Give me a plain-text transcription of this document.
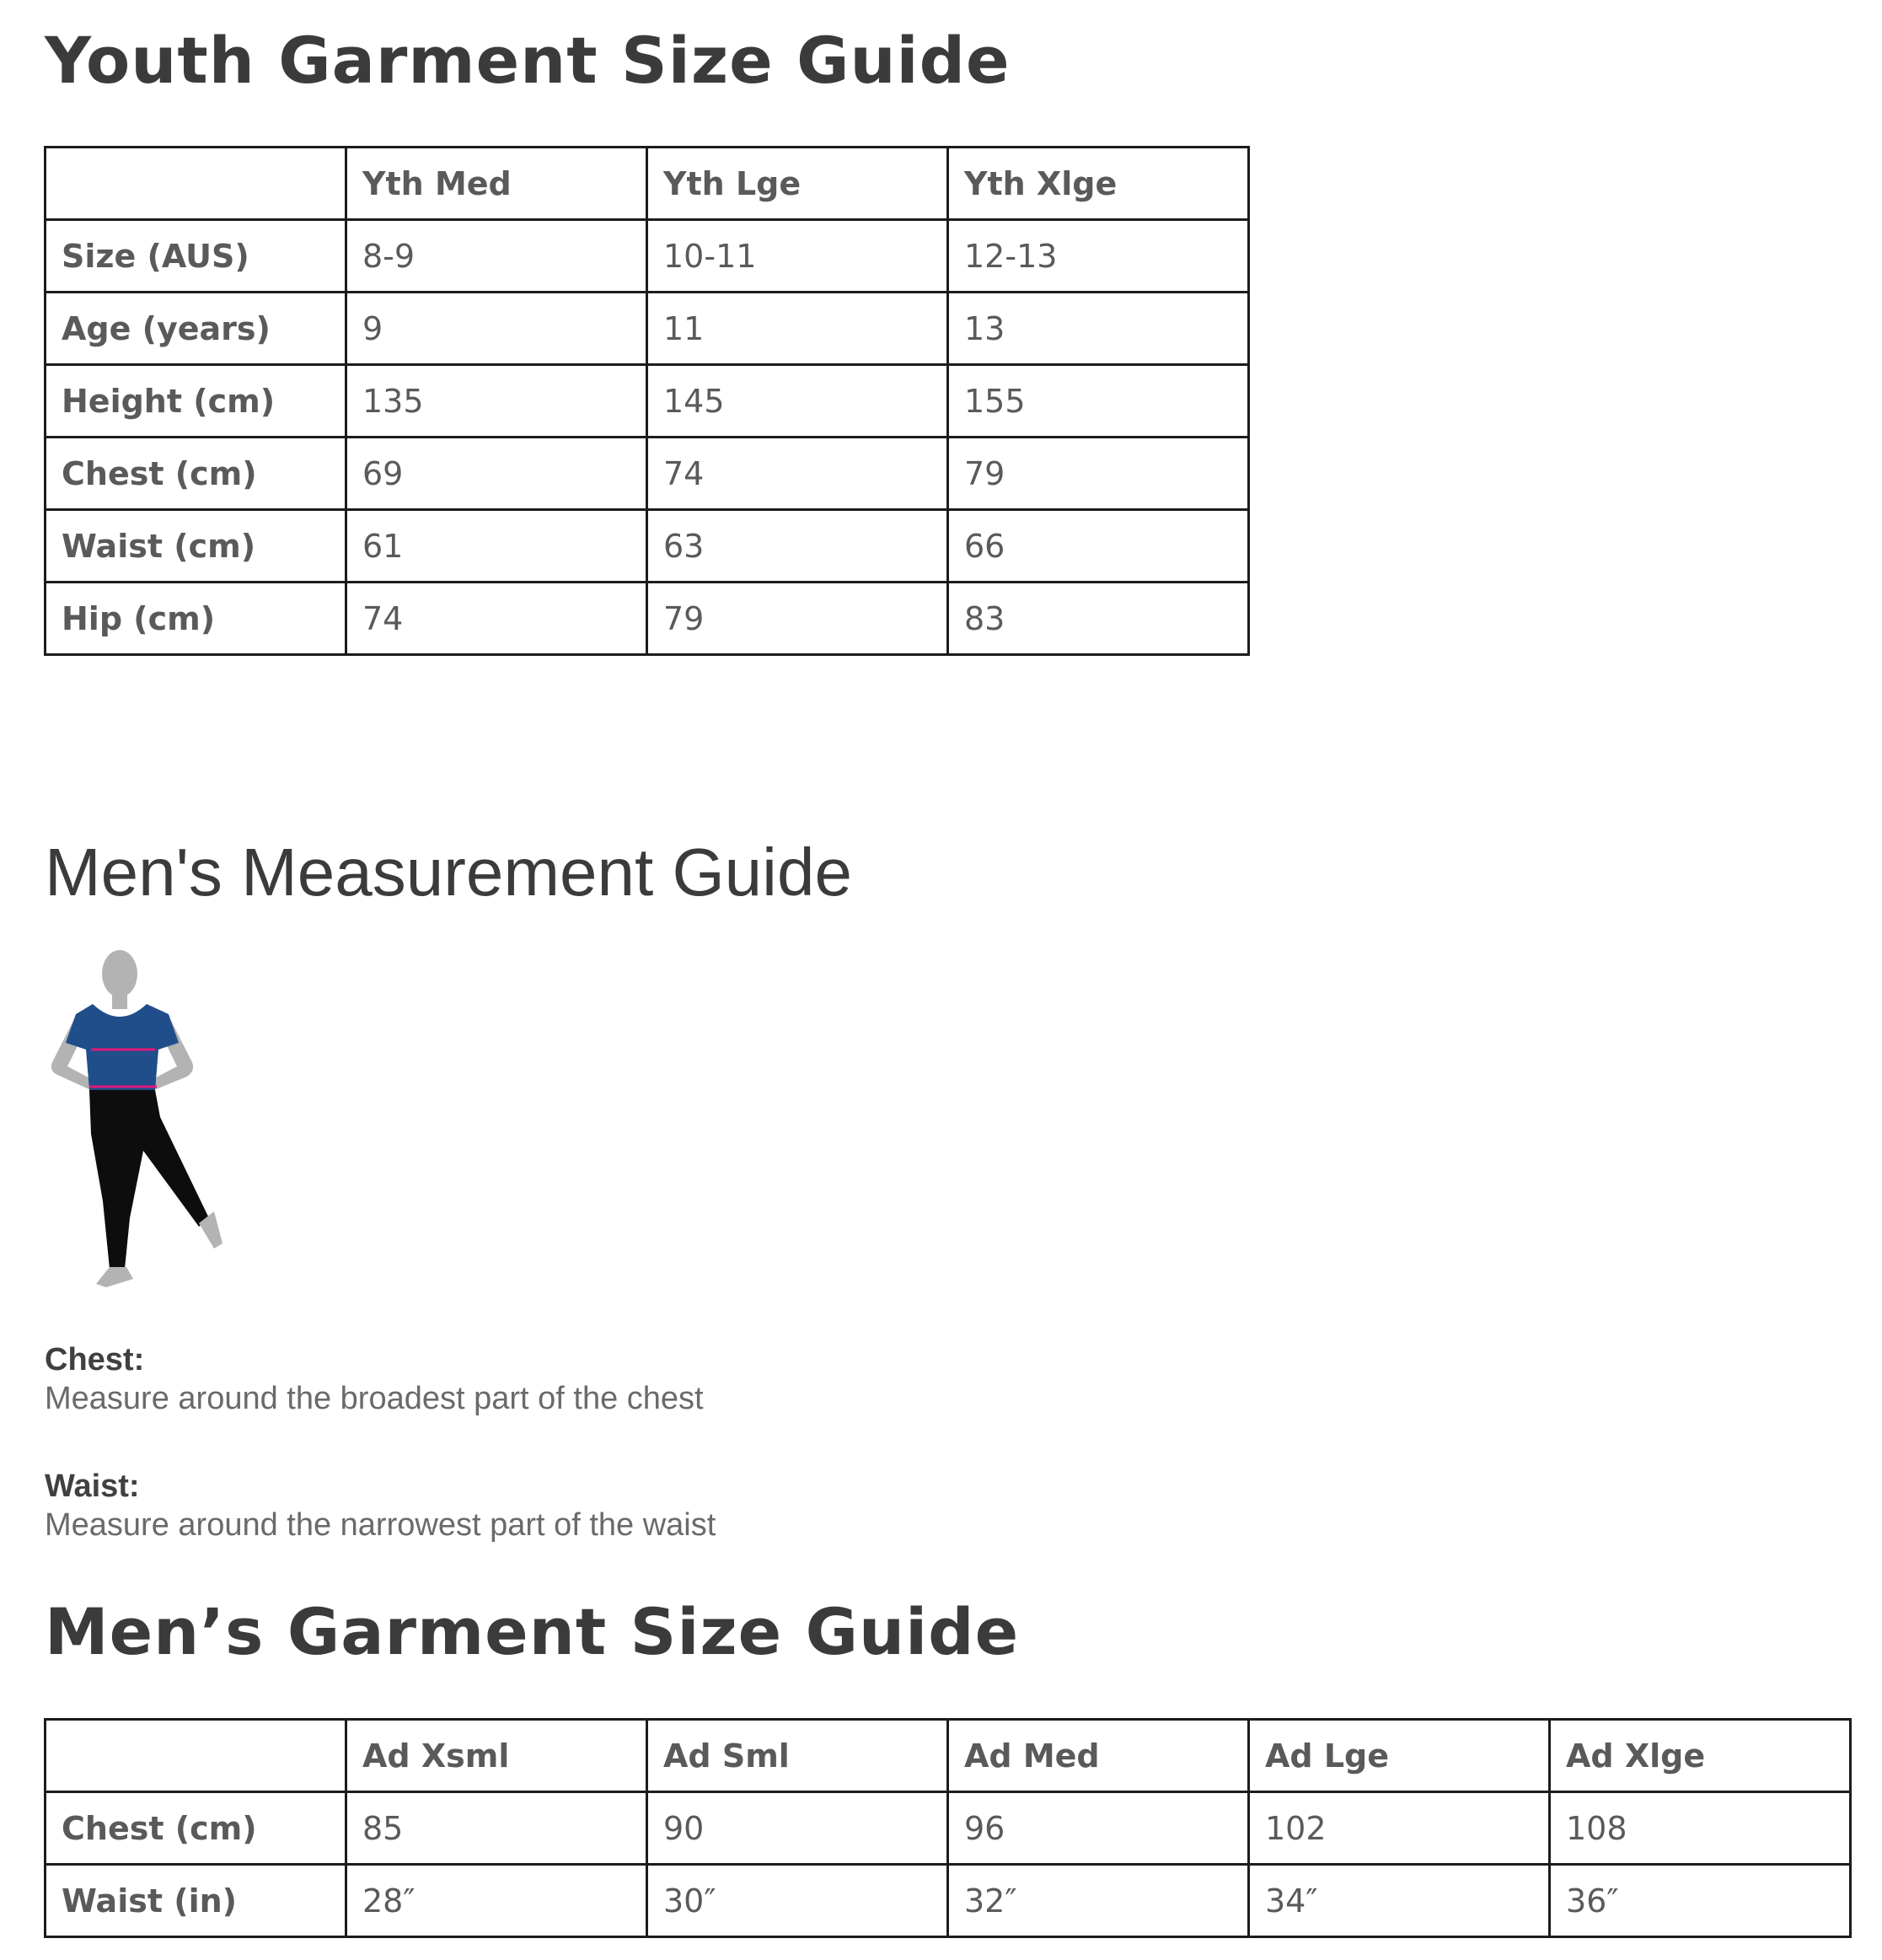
Youth Garment Size Guide
	Yth Med	Yth Lge	Yth Xlge
Size (AUS)	8-9	10-11	12-13
Age (years)	9	11	13
Height (cm)	135	145	155
Chest (cm)	69	74	79
Waist (cm)	61	63	66
Hip (cm)	74	79	83
Men's Measurement Guide
Chest:
Measure around the broadest part of the chest
Waist:
Measure around the narrowest part of the waist
Men’s Garment Size Guide
	Ad Xsml	Ad Sml	Ad Med	Ad Lge	Ad Xlge
Chest (cm)	85	90	96	102	108
Waist (in)	28″	30″	32″	34″	36″
